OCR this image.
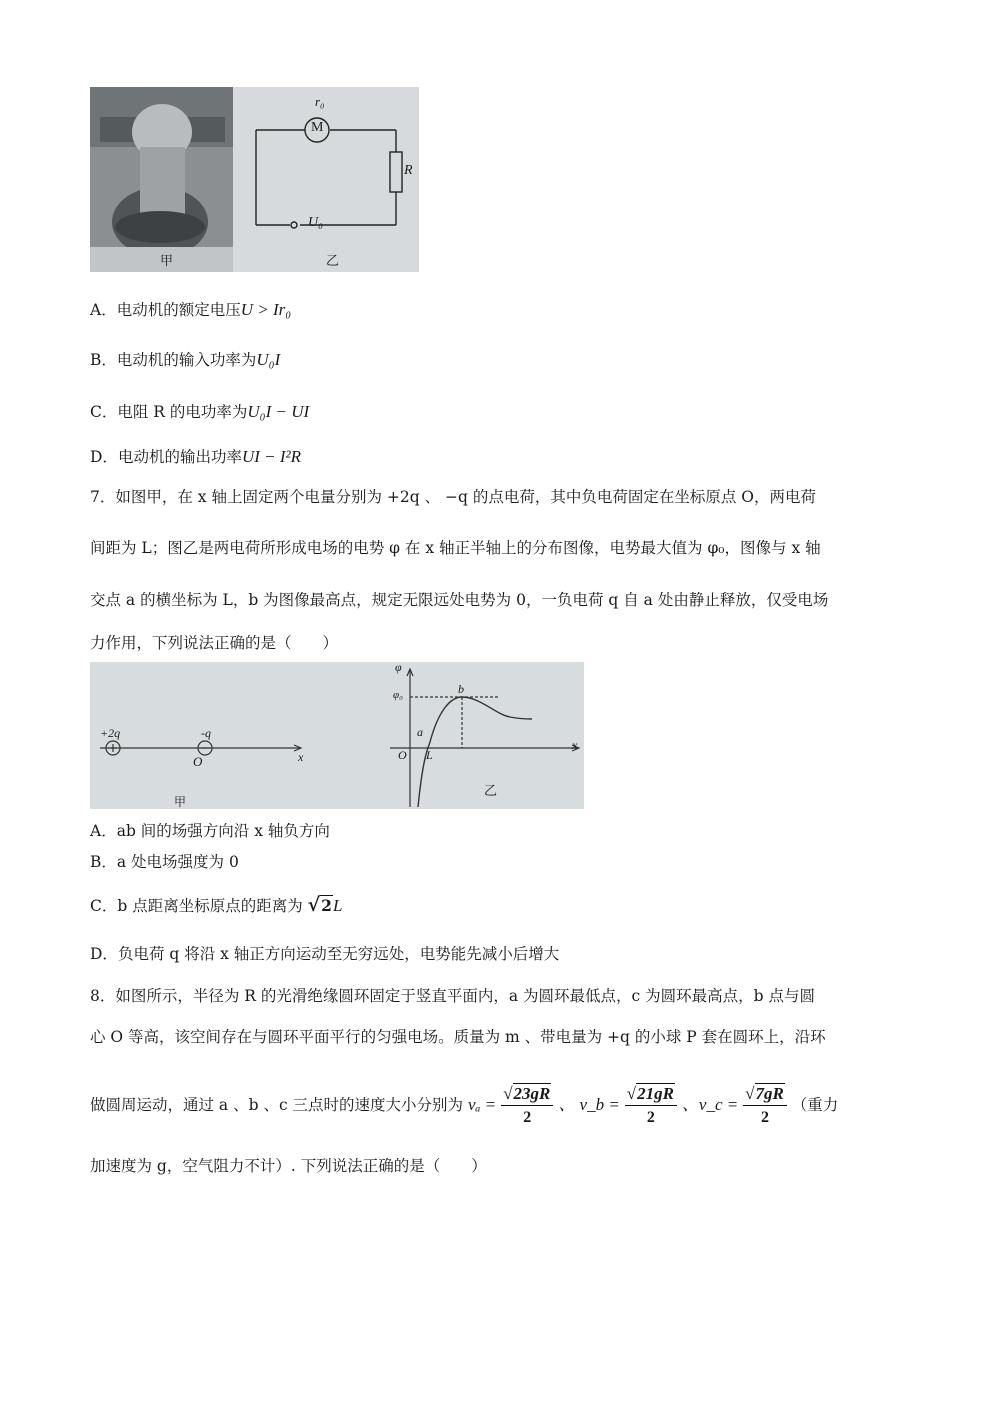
M
r₀
R
U₀
甲	乙
A．电动机的额定电压U > Ir₀
B．电动机的输入功率为U₀I
C．电阻 R 的电功率为U₀I − UI
D．电动机的输出功率UI − I²R
7．如图甲，在 x 轴上固定两个电量分别为 +2q 、 −q 的点电荷，其中负电荷固定在坐标原点 O，两电荷
间距为 L；图乙是两电荷所形成电场的电势 φ 在 x 轴正半轴上的分布图像，电势最大值为 φ₀，图像与 x 轴
交点 a 的横坐标为 L，b 为图像最高点，规定无限远处电势为 0，一负电荷 q 自 a 处由静止释放，仅受电场
力作用，下列说法正确的是（　　）
+2q	-q
O	x
甲
乙
φ
φ₀
a
b
L
O
x
A．ab 间的场强方向沿 x 轴负方向
B．a 处电场强度为 0
C．b 点距离坐标原点的距离为 √2L
D．负电荷 q 将沿 x 轴正方向运动至无穷远处，电势能先减小后增大
8．如图所示，半径为 R 的光滑绝缘圆环固定于竖直平面内，a 为圆环最低点，c 为圆环最高点，b 点与圆
心 O 等高，该空间存在与圆环平面平行的匀强电场。质量为 m 、带电量为 +q 的小球 P 套在圆环上，沿环
做圆周运动，通过 a 、b 、c 三点时的速度大小分别为 $v_a = \frac{√23gR}{2}$ 、 v_b = $\frac{√21gR}{2}$ 、v_c = $\frac{√7gR}{2}$ （重力
加速度为 g，空气阻力不计）. 下列说法正确的是（　　）
